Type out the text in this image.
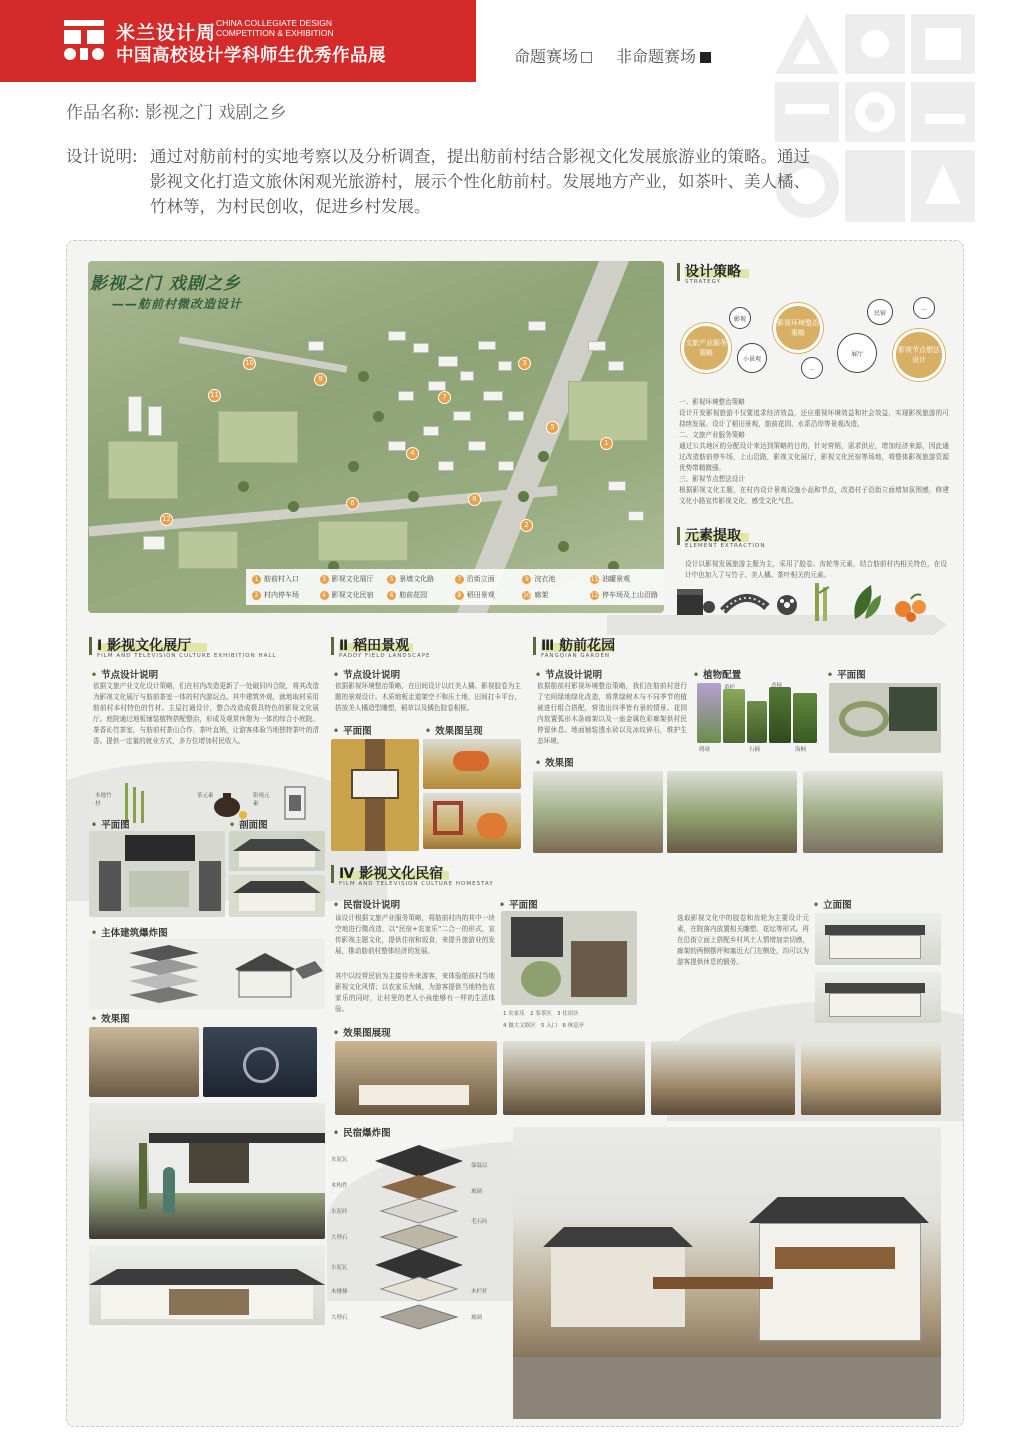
米兰设计周 CHINA COLLEGIATE DESIGN
COMPETITION & EXHIBITION
中国高校设计学科师生优秀作品展	命题赛场 非命题赛场
作品名称: 影视之门 戏剧之乡
设计说明: 通过对舫前村的实地考察以及分析调查，提出舫前村结合影视文化发展旅游业的策略。通过影视文化打造文旅休闲观光旅游村，展示个性化舫前村。发展地方产业，如茶叶、美人橘、竹林等，为村民创收，促进乡村发展。
9
10
11
12
6
4
5
3
7
1
2
8
影视之门 戏剧之乡
——舫前村微改造设计
1 舫前村入口	3 影视文化展厅	5 景墙文化路	7 沿街立面	9 浣衣池	11 油罐景观
2 村内停车场	4 影视文化民宿	6 舫前花园	8 稻田景观	10 廊架	12 停车场及上山沿路
设计策略
STRATEGY
文旅产业服务策略
影视
小景观
影视环境整治策略
...
展厅
民宿
...
影视节点想法设计
一、影视环境整治策略
设计开发影视旅游不仅要追求经济效益，还应重视环境效益和社会效益，实现影视旅游的可持续发展。设计了稻田景观，舫前花园、水系沿岸等景观改造。
二、文旅产业服务策略
通过公共地区的分配设计来达到策略的目的，针对营销，需求供应，增加经济来源，因此通过改造舫前停车场，上山沿路，影视文化展厅，影视文化民宿等场地，将整体影视旅游资源优势带精微强。
三、影视节点想法设计
根据影视文化主题，在村内设计景观设施小品和节点，改造村子沿街立面增加氛围感，修建文化小路宣传影视文化，感受文化气息。
元素提取
ELEMENT EXTRACTION
设计以影视发展旅游主题为主，采用了胶卷、齿轮等元素，结合舫前村内相关特色，在设计中也加入了与竹子、美人橘、茶叶相关的元素。
Ⅰ 影视文化展厅
FILM AND TELEVISION CULTURE EXHIBITION HALL
• 节点设计说明
依据文旅产业文化设计策略，们在村内改造更新了一处破旧四合院，将其改造为影视文化展厅与舫前茶室一体的村内游玩点。其中建筑外观，就地取材采用舫前村本村特色的竹材。主屋打通设计，整合改造成极具特色的影视文化展厅。庭院通过地板铺装植物搭配整治，形成及观赏休憩为一体的综合小庭院。茶香沁竹茶室，与舫前村茶山合作，茶叶直销，让游客体验当地独特茶叶的清香。提供一定量的就业方式，多方位增加村民收入。
本地竹材
茶元素	影视元素
• 平面图	• 剖面图
• 主体建筑爆炸图
• 效果图
Ⅱ 稻田景观
PADDY FIELD LANDSCAPE
• 节点设计说明
依据影视环境整治策略，在田间设计以红美人橘、影视胶卷为主题的景观设计。木质地板走道架空不和压土地，田间打卡平台，搭放美人橘造型雕塑，稻草以及橘色胶卷相框。
• 平面图	• 效果图呈现
Ⅲ 舫前花园
FANGQIAN GARDEN
• 节点设计说明
依据舫前村影视环境整治策略，我们在舫前村进行了宅间绿地绿化改造，将常绿树木与不同季节的植被进行组合搭配，营造出四季皆有景的情景。花园内放置弧形木条廊架以及一座金属色彩廊架供村民停留休息。地面铺装透水砖以及冰纹碎石，维护生态环境。
• 植物配置
绣球
黄栌
石楠
香樟
海桐
• 平面图
• 效果图
Ⅳ 影视文化民宿
FILM AND TELEVISION CULTURE HOMESTAY
• 民宿设计说明
该设计根据文旅产业服务策略，将舫前村内的其中一块空地进行微改造，以“民宿+农家乐”二合一的形式，宣传影视主题文化，提供住宿和饭食，来提升旅游业的发展，推动舫前村整体经济的发展。
其中以经营民宿为主接待外来游客，来体验舫前村当地影视文化风情；以农家乐为辅，为游客提供当地特色农家乐的同时，让村里的老人小孩能够有一样的生活体验。
• 平面图
1 农家乐 2 茶茶区 3 住宿区
4 做大文娱区 5 入口 6 休息亭
选取影视文化中的胶卷和齿轮为主要设计元素，在院落内放置相关雕塑、花坛等形式。再在沿街立面上搭配乡村风土人情增加亲切感，廊架的两侧摆坪和塞近大门左侧处，均可以为游客提供休息的锻务。
• 立面图
• 效果图展现
• 民宿爆炸图
水泥瓦
木构件
水泥砖
大理石
水泥瓦
木楼梯
大理石
保温层
玻璃
毛石砖
木栏杆
玻璃
